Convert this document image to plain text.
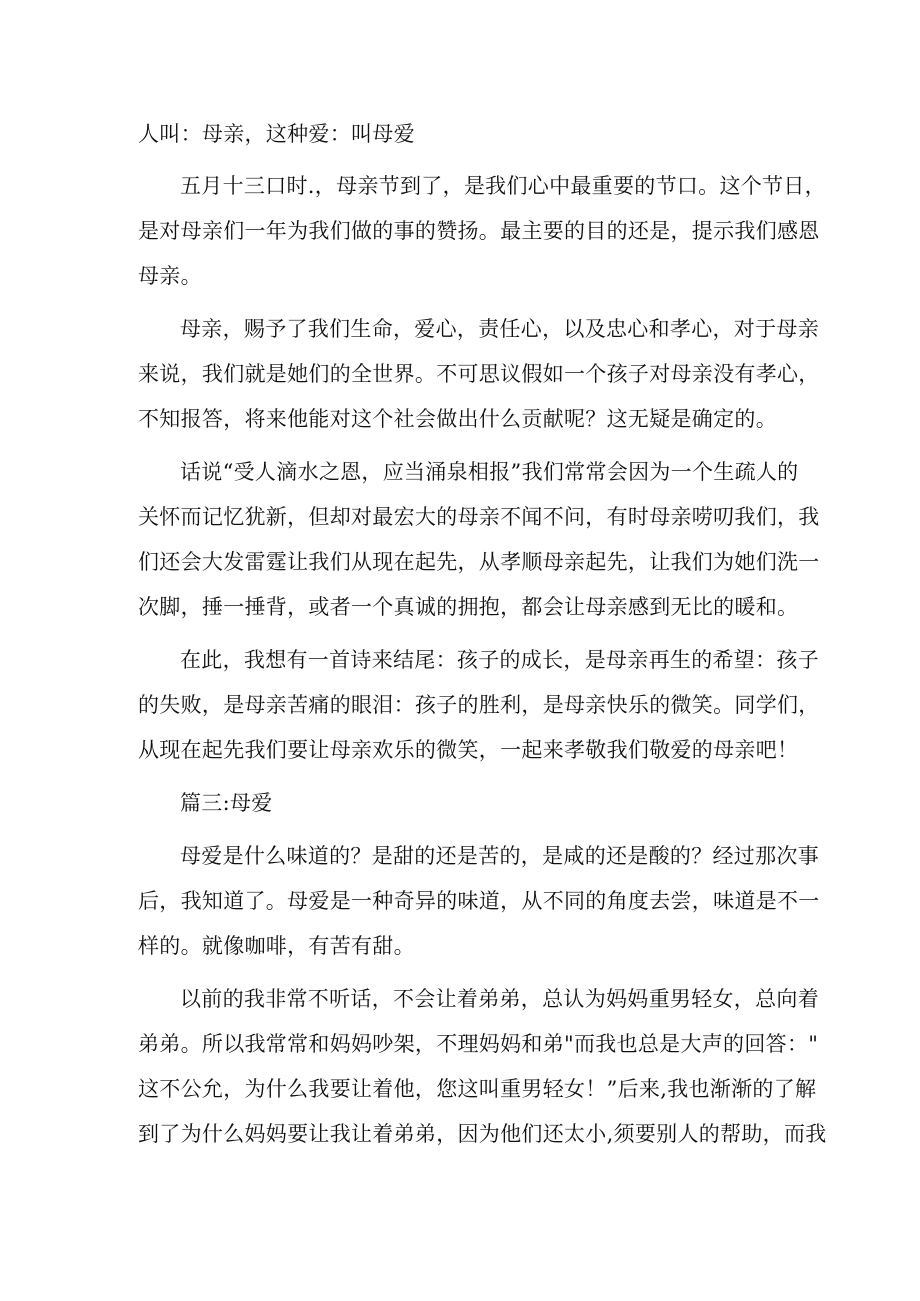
人叫：母亲，这种爱：叫母爱
五月十三口时.，母亲节到了，是我们心中最重要的节口。这个节日，
是对母亲们一年为我们做的事的赞扬。最主要的目的还是，提示我们感恩
母亲。
母亲，赐予了我们生命，爱心，责任心，以及忠心和孝心，对于母亲
来说，我们就是她们的全世界。不可思议假如一个孩子对母亲没有孝心，
不知报答，将来他能对这个社会做出什么贡献呢？这无疑是确定的。
话说“受人滴水之恩，应当涌泉相报”我们常常会因为一个生疏人的
关怀而记忆犹新，但却对最宏大的母亲不闻不问，有时母亲唠叨我们，我
们还会大发雷霆让我们从现在起先，从孝顺母亲起先，让我们为她们洗一
次脚，捶一捶背，或者一个真诚的拥抱，都会让母亲感到无比的暖和。
在此，我想有一首诗来结尾：孩子的成长，是母亲再生的希望：孩子
的失败，是母亲苦痛的眼泪：孩子的胜利，是母亲快乐的微笑。同学们，
从现在起先我们要让母亲欢乐的微笑，一起来孝敬我们敬爱的母亲吧！
篇三:母爱
母爱是什么味道的？是甜的还是苦的，是咸的还是酸的？经过那次事
后，我知道了。母爱是一种奇异的味道，从不同的角度去尝，味道是不一
样的。就像咖啡，有苦有甜。
以前的我非常不听话，不会让着弟弟，总认为妈妈重男轻女，总向着
弟弟。所以我常常和妈妈吵架，不理妈妈和弟"而我也总是大声的回答："
这不公允，为什么我要让着他，您这叫重男轻女！”后来,我也渐渐的了解
到了为什么妈妈要让我让着弟弟，因为他们还太小,须要别人的帮助，而我
